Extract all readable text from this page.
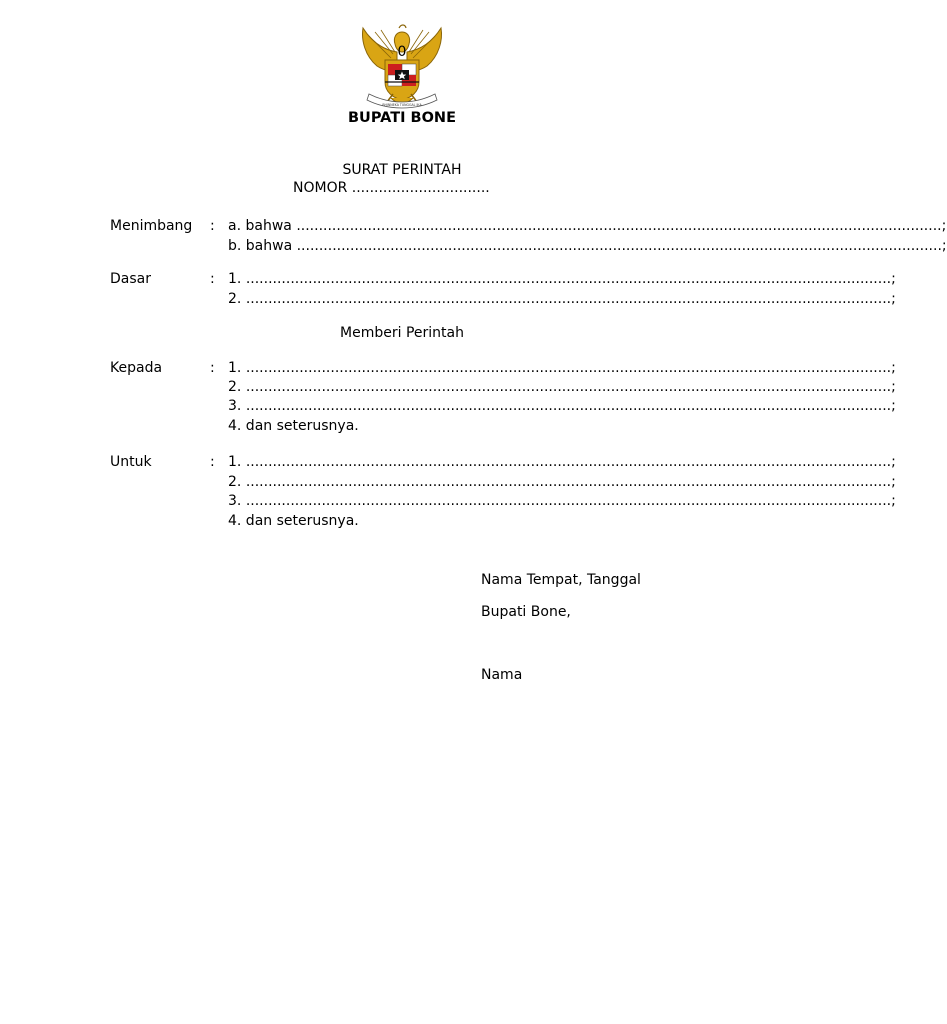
0
BHINNEKA TUNGGAL IKA
BUPATI BONE
SURAT PERINTAH
NOMOR ...............................
Menimbang	: a. bahwa ................................................................................................................................................. ;
b. bahwa ................................................................................................................................................. ;
Dasar	: 1. ................................................................................................................................................. ;
2. ................................................................................................................................................. ;
Memberi Perintah
Kepada	: 1. ................................................................................................................................................. ;
2. ................................................................................................................................................. ;
3. ................................................................................................................................................. ;
4. dan seterusnya.
Untuk	: 1. ................................................................................................................................................. ;
2. ................................................................................................................................................. ;
3. ................................................................................................................................................. ;
4. dan seterusnya.
Nama Tempat, Tanggal
Bupati Bone,
Nama
